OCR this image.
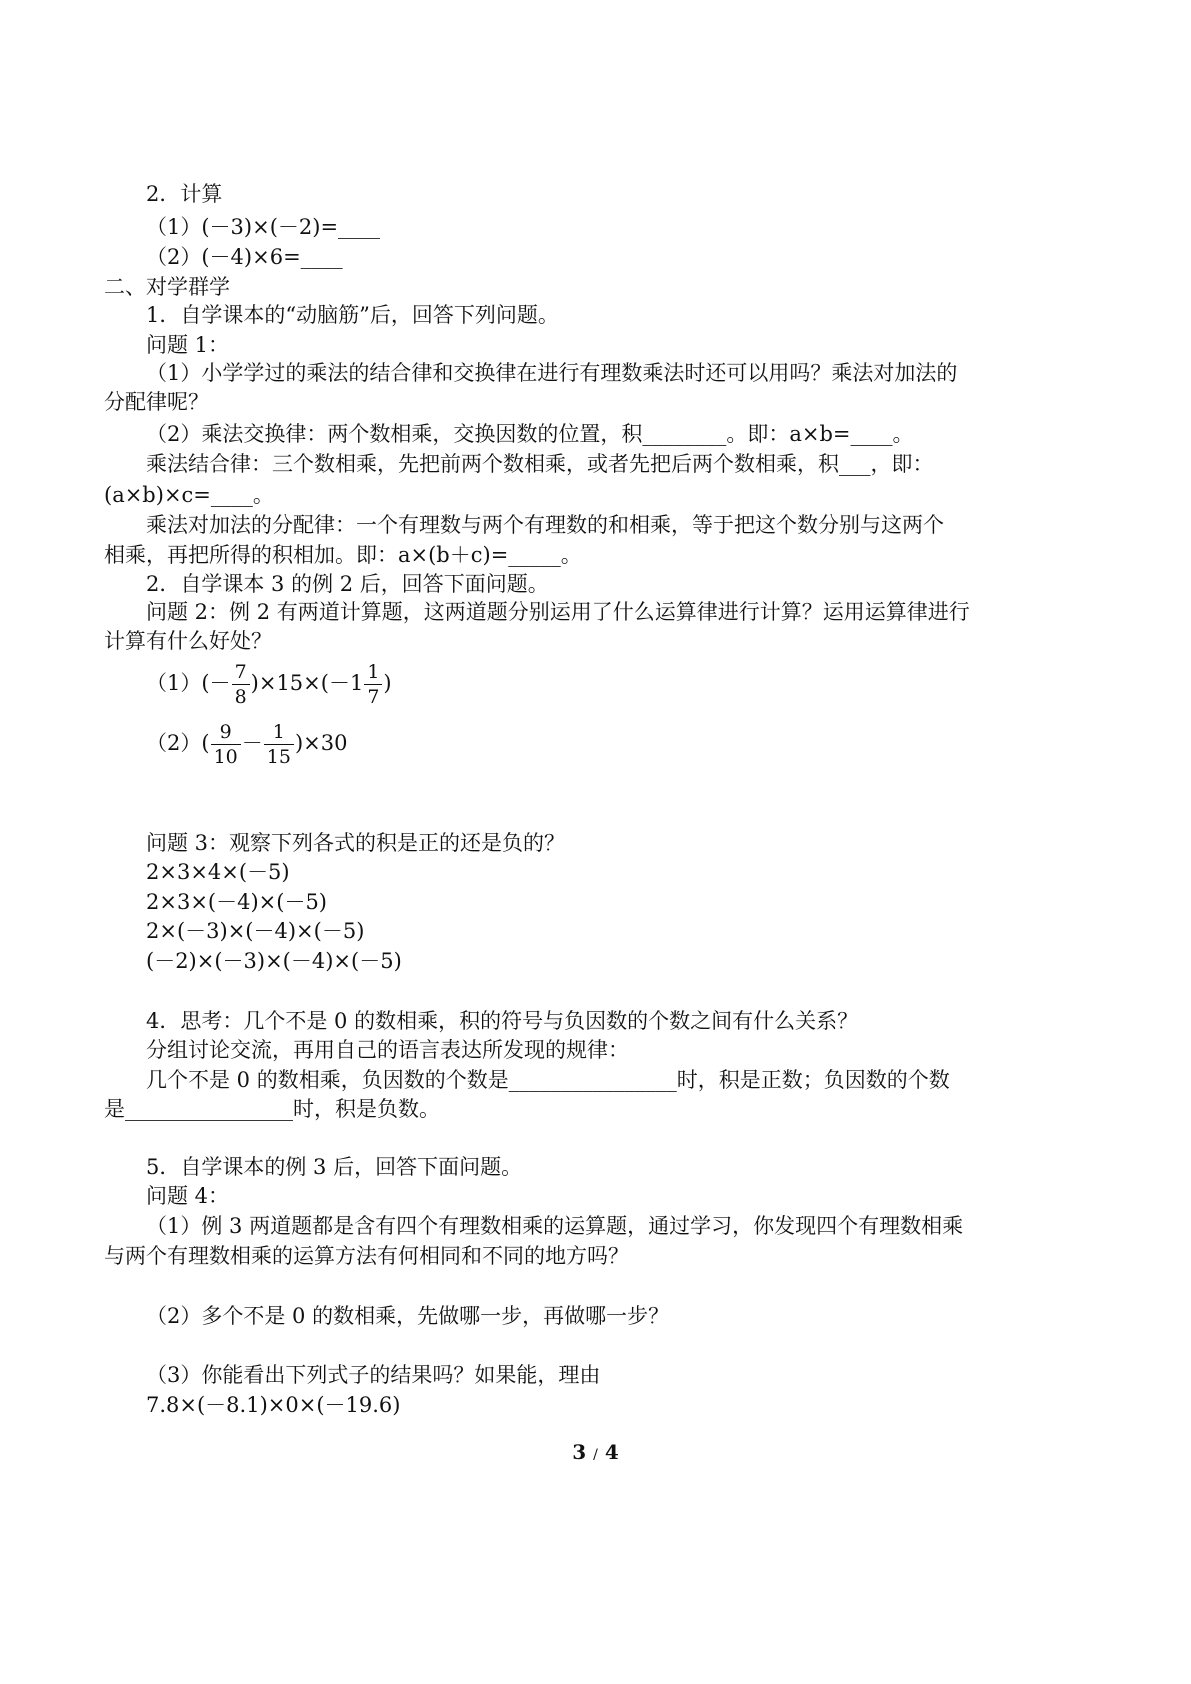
2．计算
（1）(－3)×(－2)=____
（2）(－4)×6=____
二、对学群学
1．自学课本的“动脑筋”后，回答下列问题。
问题 1：
（1）小学学过的乘法的结合律和交换律在进行有理数乘法时还可以用吗？乘法对加法的
分配律呢？
（2）乘法交换律：两个数相乘，交换因数的位置，积________。即：a×b=____。
乘法结合律：三个数相乘，先把前两个数相乘，或者先把后两个数相乘，积___，即：
(a×b)×c=____。
乘法对加法的分配律：一个有理数与两个有理数的和相乘，等于把这个数分别与这两个
相乘，再把所得的积相加。即：a×(b＋c)=_____。
2．自学课本 3 的例 2 后，回答下面问题。
问题 2：例 2 有两道计算题，这两道题分别运用了什么运算律进行计算？运用运算律进行
计算有什么好处？
$(1)(- \frac{7}{8} )\times 15\times(-1 \frac{1}{7}$ )
$(2)( \frac{9}{10} - \frac{1}{15} )\times 30$
问题 3：观察下列各式的积是正的还是负的？
2×3×4×(－5)
2×3×(－4)×(－5)
2×(－3)×(－4)×(－5)
(－2)×(－3)×(－4)×(－5)
4．思考：几个不是 0 的数相乘，积的符号与负因数的个数之间有什么关系？
分组讨论交流，再用自己的语言表达所发现的规律：
几个不是 0 的数相乘，负因数的个数是________________时，积是正数；负因数的个数
是________________时，积是负数。
5．自学课本的例 3 后，回答下面问题。
问题 4：
（1）例 3 两道题都是含有四个有理数相乘的运算题，通过学习，你发现四个有理数相乘
与两个有理数相乘的运算方法有何相同和不同的地方吗？
（2）多个不是 0 的数相乘，先做哪一步，再做哪一步？
（3）你能看出下列式子的结果吗？如果能，理由
7.8×(－8.1)×0×(－19.6)
3 / 4
